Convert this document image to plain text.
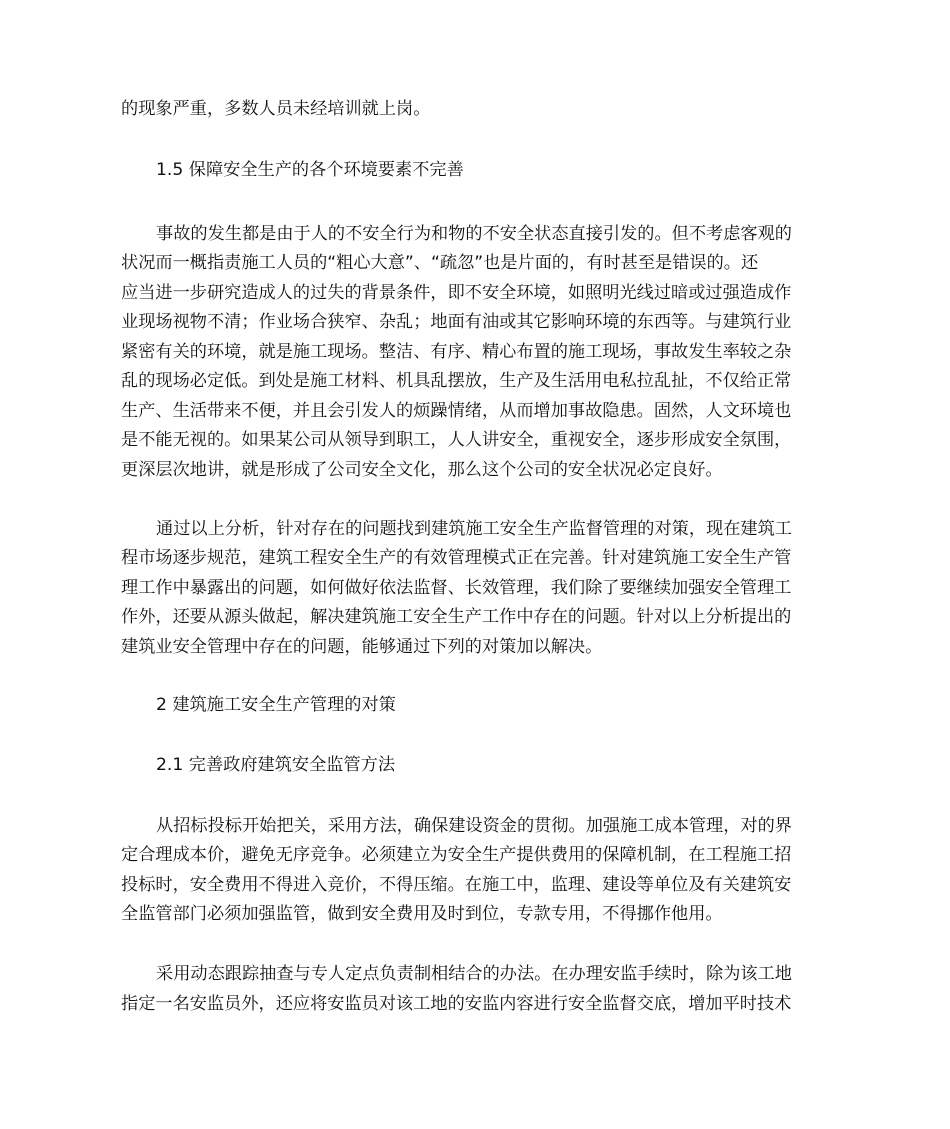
的现象严重，多数人员未经培训就上岗。

1.5 保障安全生产的各个环境要素不完善

事故的发生都是由于人的不安全行为和物的不安全状态直接引发的。但不考虑客观的

状况而一概指责施工人员的“粗心大意”、“疏忽”也是片面的，有时甚至是错误的。还

应当进一步研究造成人的过失的背景条件，即不安全环境，如照明光线过暗或过强造成作

业现场视物不清；作业场合狭窄、杂乱；地面有油或其它影响环境的东西等。与建筑行业

紧密有关的环境，就是施工现场。整洁、有序、精心布置的施工现场，事故发生率较之杂

乱的现场必定低。到处是施工材料、机具乱摆放，生产及生活用电私拉乱扯，不仅给正常

生产、生活带来不便，并且会引发人的烦躁情绪，从而增加事故隐患。固然，人文环境也

是不能无视的。如果某公司从领导到职工，人人讲安全，重视安全，逐步形成安全氛围，

更深层次地讲，就是形成了公司安全文化，那么这个公司的安全状况必定良好。

通过以上分析，针对存在的问题找到建筑施工安全生产监督管理的对策，现在建筑工

程市场逐步规范，建筑工程安全生产的有效管理模式正在完善。针对建筑施工安全生产管

理工作中暴露出的问题，如何做好依法监督、长效管理，我们除了要继续加强安全管理工

作外，还要从源头做起，解决建筑施工安全生产工作中存在的问题。针对以上分析提出的

建筑业安全管理中存在的问题，能够通过下列的对策加以解决。

2 建筑施工安全生产管理的对策

2.1 完善政府建筑安全监管方法

从招标投标开始把关，采用方法，确保建设资金的贯彻。加强施工成本管理，对的界

定合理成本价，避免无序竞争。必须建立为安全生产提供费用的保障机制，在工程施工招

投标时，安全费用不得进入竞价，不得压缩。在施工中，监理、建设等单位及有关建筑安

全监管部门必须加强监管，做到安全费用及时到位，专款专用，不得挪作他用。

采用动态跟踪抽查与专人定点负责制相结合的办法。在办理安监手续时，除为该工地

指定一名安监员外，还应将安监员对该工地的安监内容进行安全监督交底，增加平时技术
